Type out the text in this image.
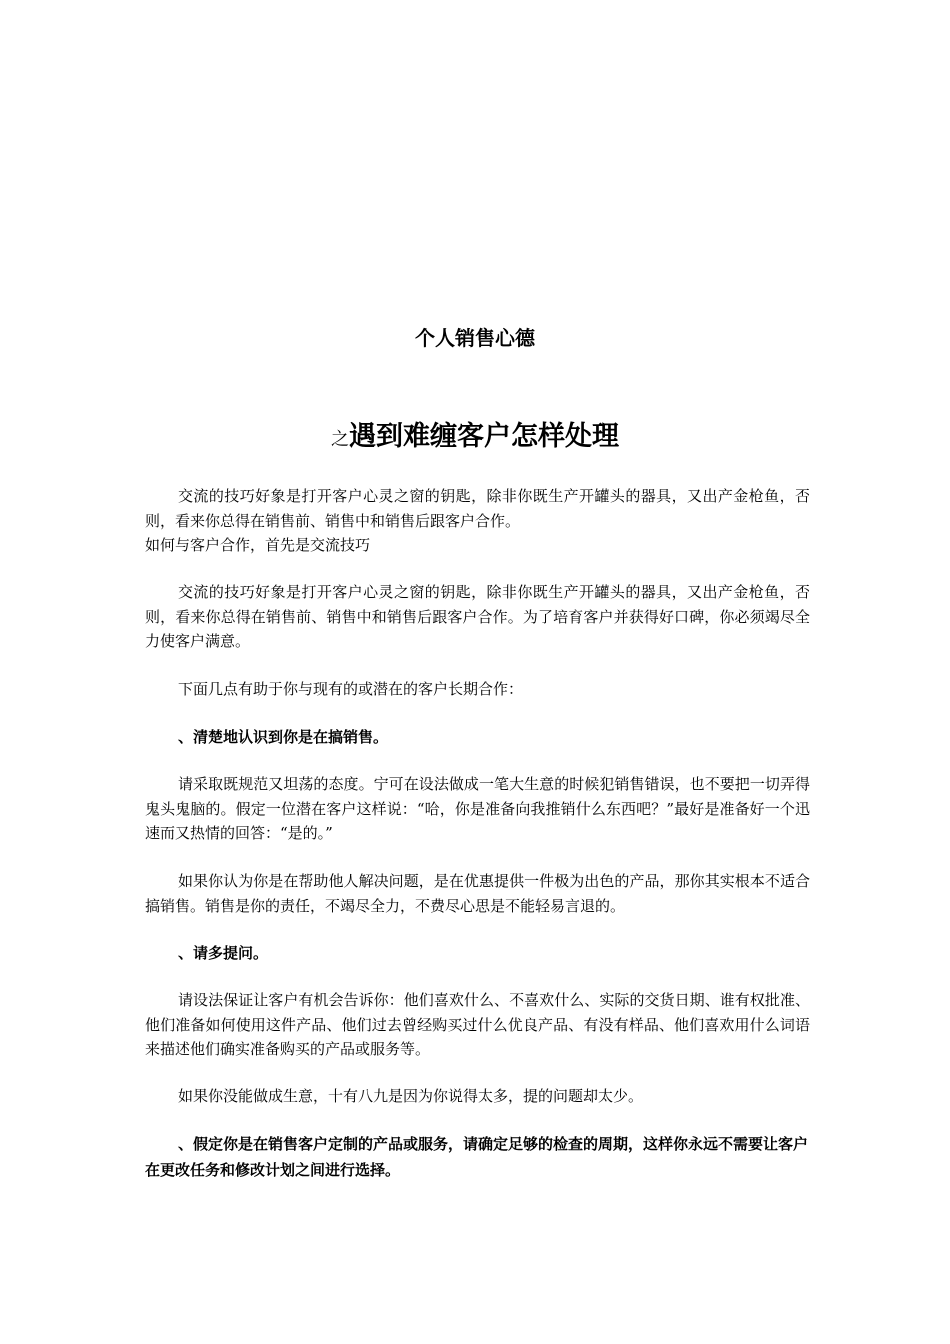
个人销售心德
之遇到难缠客户怎样处理

交流的技巧好象是打开客户心灵之窗的钥匙，除非你既生产开罐头的器具，又出产金枪鱼，否则，看来你总得在销售前、销售中和销售后跟客户合作。

如何与客户合作，首先是交流技巧

交流的技巧好象是打开客户心灵之窗的钥匙，除非你既生产开罐头的器具，又出产金枪鱼，否则，看来你总得在销售前、销售中和销售后跟客户合作。为了培育客户并获得好口碑，你必须竭尽全力使客户满意。

下面几点有助于你与现有的或潜在的客户长期合作：

、清楚地认识到你是在搞销售。

请采取既规范又坦荡的态度。宁可在设法做成一笔大生意的时候犯销售错误，也不要把一切弄得鬼头鬼脑的。假定一位潜在客户这样说：“哈，你是准备向我推销什么东西吧？”最好是准备好一个迅速而又热情的回答：“是的。”

如果你认为你是在帮助他人解决问题，是在优惠提供一件极为出色的产品，那你其实根本不适合搞销售。销售是你的责任，不竭尽全力，不费尽心思是不能轻易言退的。

、请多提问。

请设法保证让客户有机会告诉你：他们喜欢什么、不喜欢什么、实际的交货日期、谁有权批准、他们准备如何使用这件产品、他们过去曾经购买过什么优良产品、有没有样品、他们喜欢用什么词语来描述他们确实准备购买的产品或服务等。

如果你没能做成生意，十有八九是因为你说得太多，提的问题却太少。

、假定你是在销售客户定制的产品或服务，请确定足够的检查的周期，这样你永远不需要让客户在更改任务和修改计划之间进行选择。
